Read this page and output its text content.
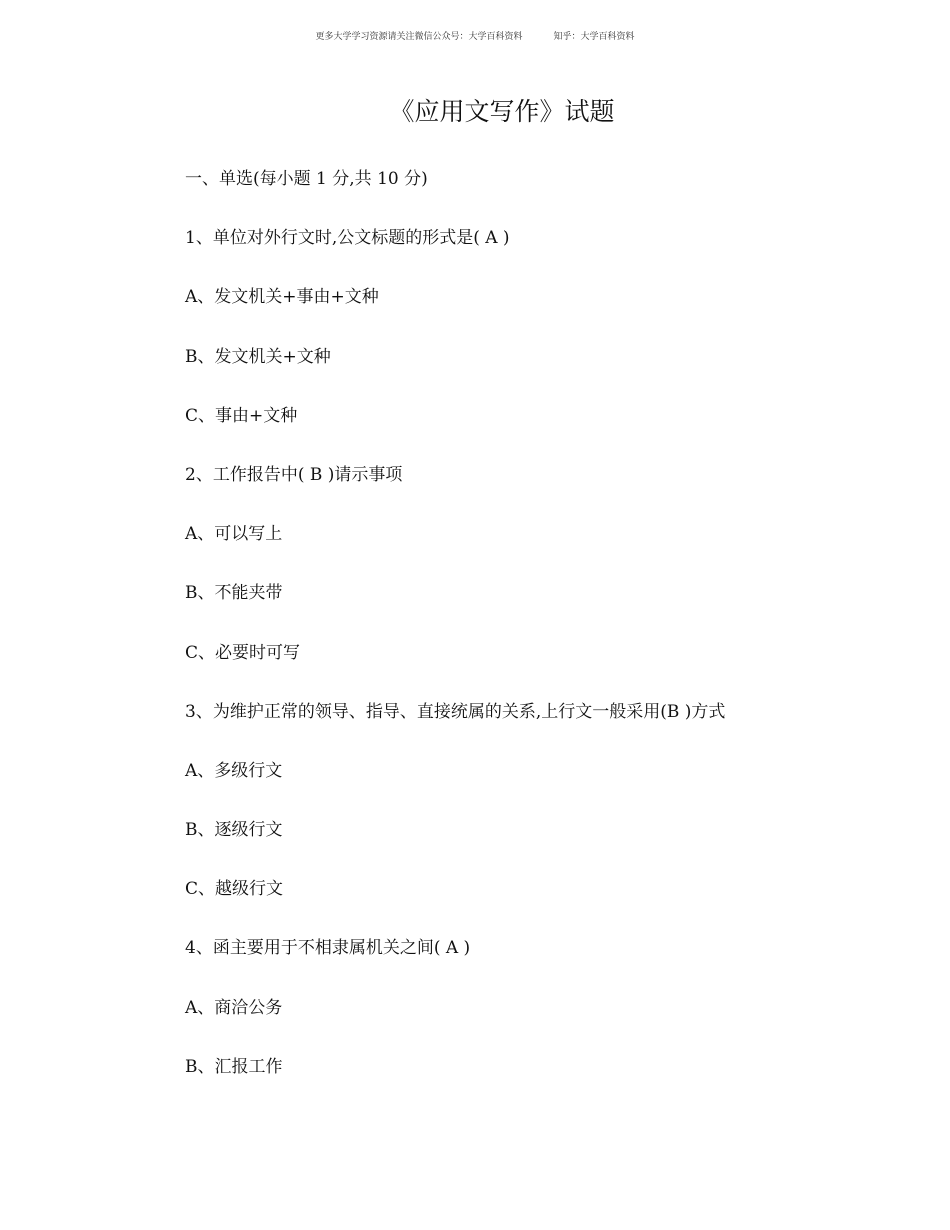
更多大学学习资源请关注微信公众号：大学百科资料	知乎：大学百科资料
《应用文写作》试题
一、单选(每小题 1 分,共 10 分)
1、单位对外行文时,公文标题的形式是( A )
A、发文机关+事由+文种
B、发文机关+文种
C、事由+文种
2、工作报告中( B )请示事项
A、可以写上
B、不能夹带
C、必要时可写
3、为维护正常的领导、指导、直接统属的关系,上行文一般采用(B )方式
A、多级行文
B、逐级行文
C、越级行文
4、函主要用于不相隶属机关之间( A )
A、商洽公务
B、汇报工作
